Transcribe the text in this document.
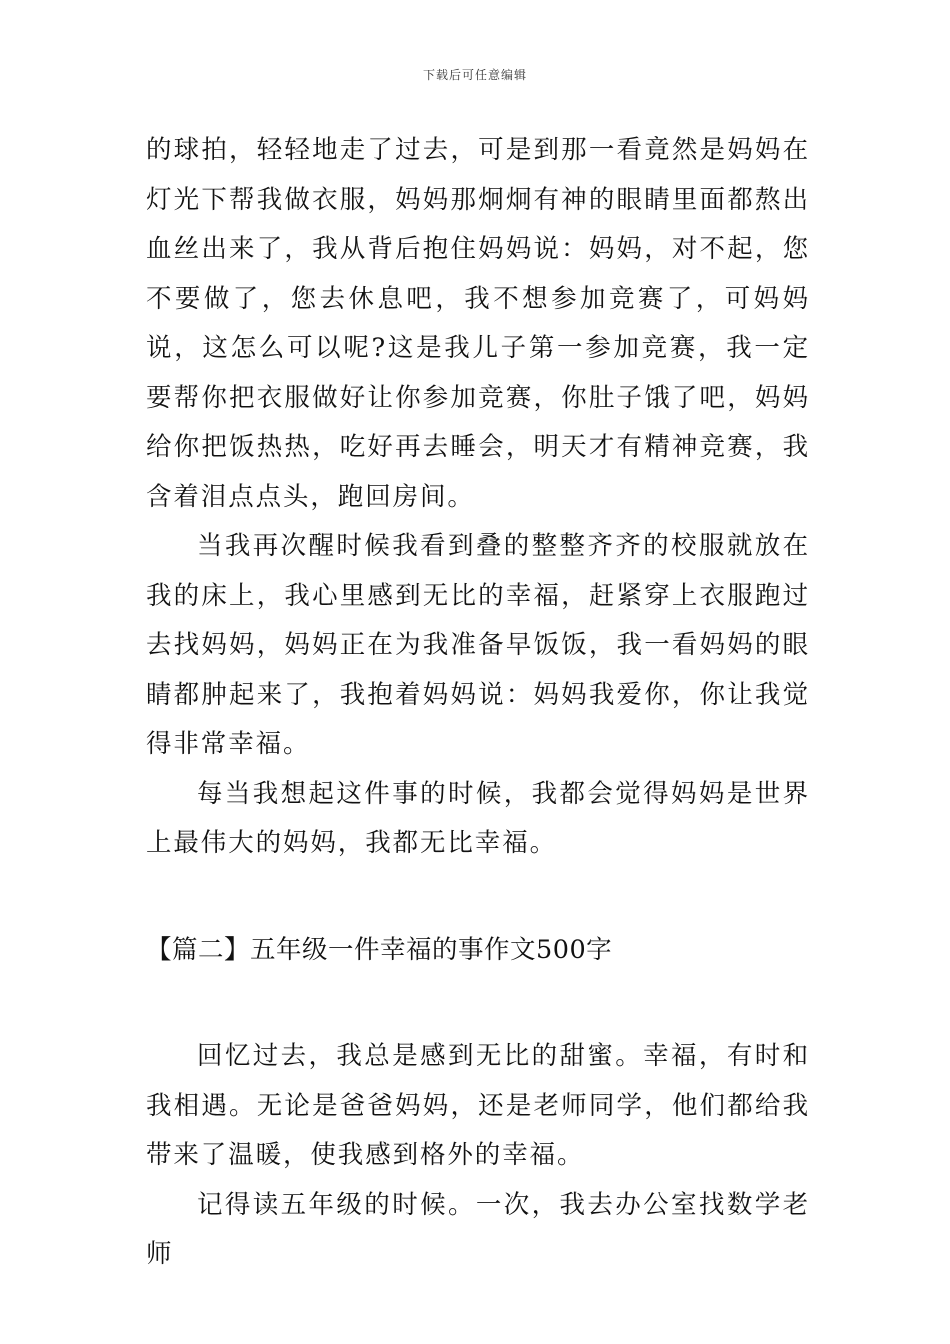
下载后可任意编辑

的球拍，轻轻地走了过去，可是到那一看竟然是妈妈在灯光下帮我做衣服，妈妈那炯炯有神的眼睛里面都熬出血丝出来了，我从背后抱住妈妈说：妈妈，对不起，您不要做了，您去休息吧，我不想参加竞赛了，可妈妈说，这怎么可以呢?这是我儿子第一参加竞赛，我一定要帮你把衣服做好让你参加竞赛，你肚子饿了吧，妈妈给你把饭热热，吃好再去睡会，明天才有精神竞赛，我含着泪点点头，跑回房间。

当我再次醒时候我看到叠的整整齐齐的校服就放在我的床上，我心里感到无比的幸福，赶紧穿上衣服跑过去找妈妈，妈妈正在为我准备早饭饭，我一看妈妈的眼睛都肿起来了，我抱着妈妈说：妈妈我爱你，你让我觉得非常幸福。

每当我想起这件事的时候，我都会觉得妈妈是世界上最伟大的妈妈，我都无比幸福。

【篇二】五年级一件幸福的事作文500字

回忆过去，我总是感到无比的甜蜜。幸福，有时和我相遇。无论是爸爸妈妈，还是老师同学，他们都给我带来了温暖，使我感到格外的幸福。

记得读五年级的时候。一次，我去办公室找数学老师
